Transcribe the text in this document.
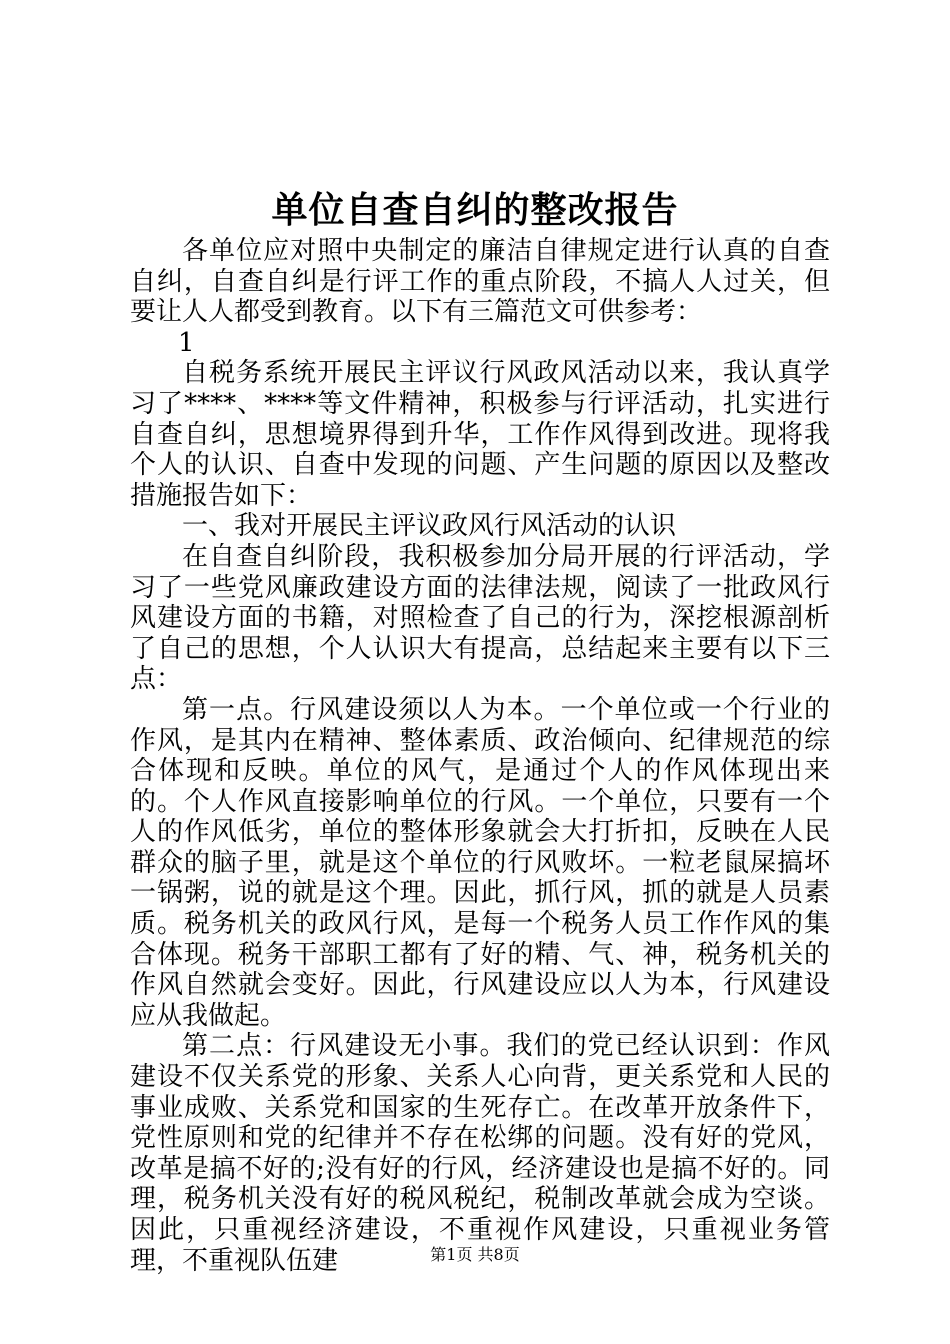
单位自查自纠的整改报告

各单位应对照中央制定的廉洁自律规定进行认真的自查自纠，自查自纠是行评工作的重点阶段，不搞人人过关，但要让人人都受到教育。以下有三篇范文可供参考：

1

自税务系统开展民主评议行风政风活动以来，我认真学习了****、****等文件精神，积极参与行评活动，扎实进行自查自纠，思想境界得到升华，工作作风得到改进。现将我个人的认识、自查中发现的问题、产生问题的原因以及整改措施报告如下：

一、我对开展民主评议政风行风活动的认识

在自查自纠阶段，我积极参加分局开展的行评活动，学习了一些党风廉政建设方面的法律法规，阅读了一批政风行风建设方面的书籍，对照检查了自己的行为，深挖根源剖析了自己的思想，个人认识大有提高，总结起来主要有以下三点：

第一点。行风建设须以人为本。一个单位或一个行业的作风，是其内在精神、整体素质、政治倾向、纪律规范的综合体现和反映。单位的风气，是通过个人的作风体现出来的。个人作风直接影响单位的行风。一个单位，只要有一个人的作风低劣，单位的整体形象就会大打折扣，反映在人民群众的脑子里，就是这个单位的行风败坏。一粒老鼠屎搞坏一锅粥，说的就是这个理。因此，抓行风，抓的就是人员素质。税务机关的政风行风，是每一个税务人员工作作风的集合体现。税务干部职工都有了好的精、气、神，税务机关的作风自然就会变好。因此，行风建设应以人为本，行风建设应从我做起。

第二点：行风建设无小事。我们的党已经认识到：作风建设不仅关系党的形象、关系人心向背，更关系党和人民的事业成败、关系党和国家的生死存亡。在改革开放条件下，党性原则和党的纪律并不存在松绑的问题。没有好的党风，改革是搞不好的;没有好的行风，经济建设也是搞不好的。同理，税务机关没有好的税风税纪，税制改革就会成为空谈。因此，只重视经济建设，不重视作风建设，只重视业务管理，不重视队伍建	第1页 共8页
